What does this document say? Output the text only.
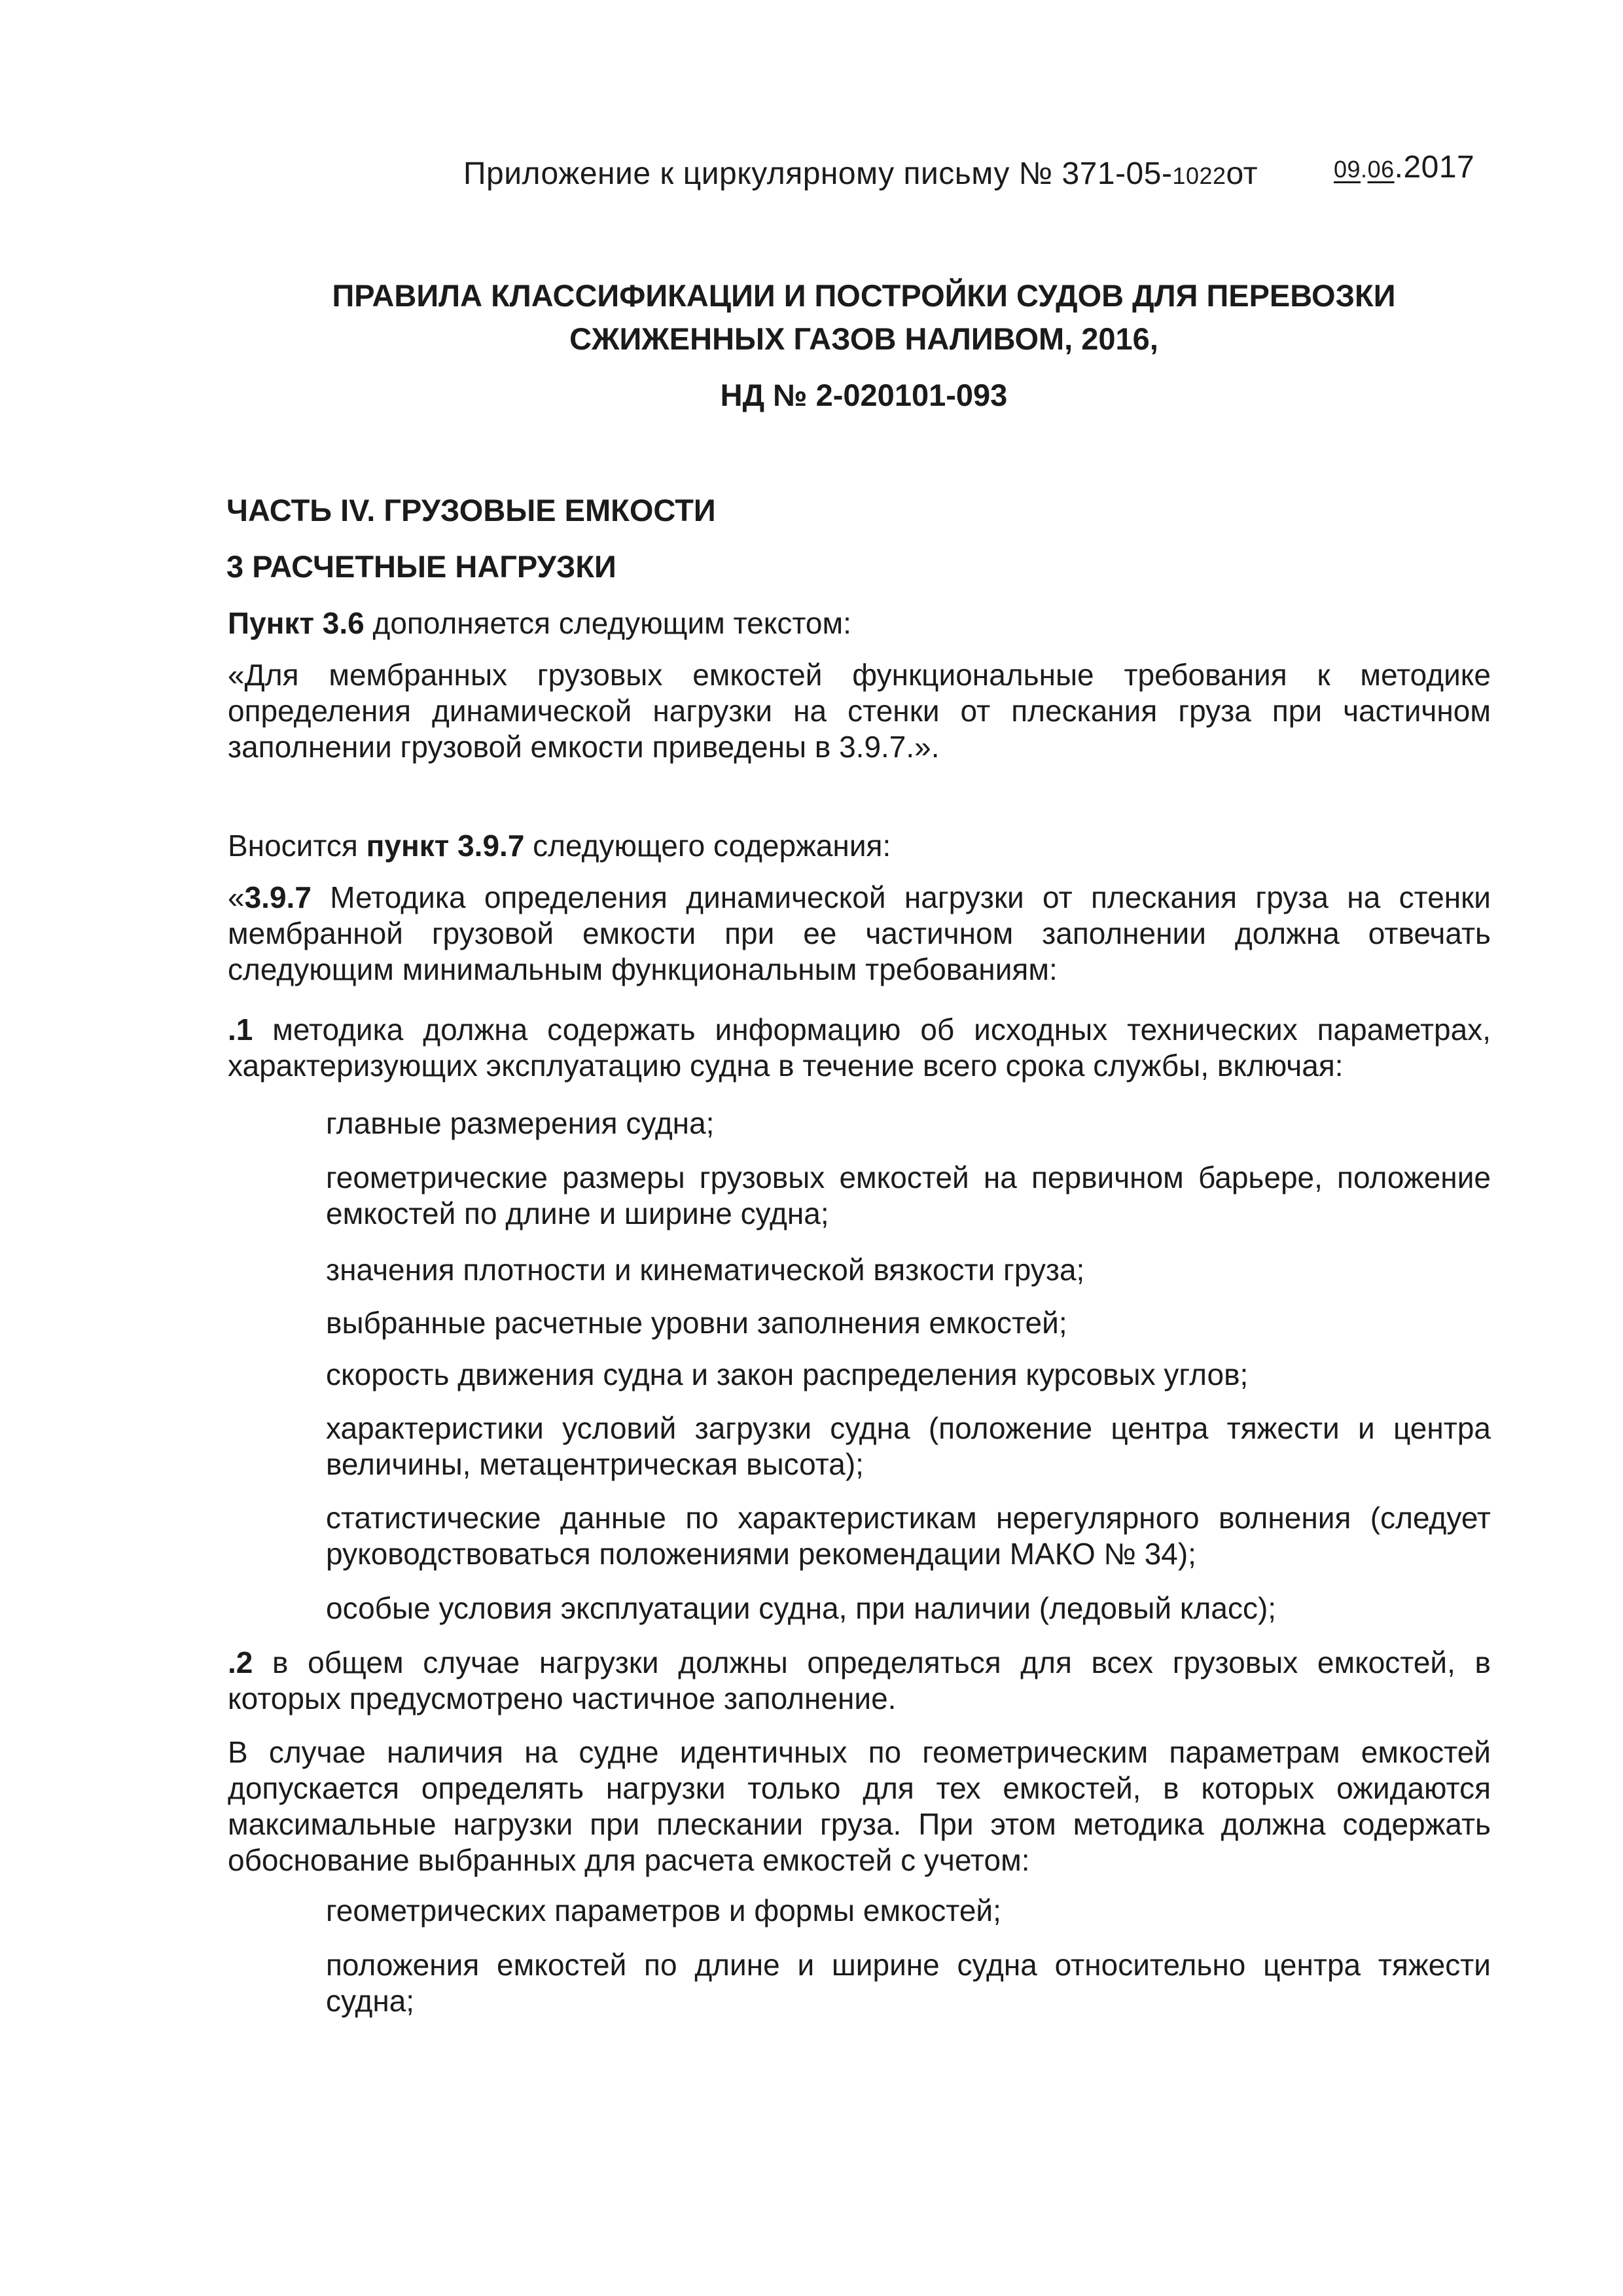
Приложение к циркулярному письму № 371-05-1022от	09.06.2017
ПРАВИЛА КЛАССИФИКАЦИИ И ПОСТРОЙКИ СУДОВ ДЛЯ ПЕРЕВОЗКИ
СЖИЖЕННЫХ ГАЗОВ НАЛИВОМ, 2016,
НД № 2-020101-093
ЧАСТЬ IV. ГРУЗОВЫЕ ЕМКОСТИ
3 РАСЧЕТНЫЕ НАГРУЗКИ
Пункт 3.6 дополняется следующим текстом:
«Для мембранных грузовых емкостей функциональные требования к методике определения динамической нагрузки на стенки от плескания груза при частичном заполнении грузовой емкости приведены в 3.9.7.».
Вносится пункт 3.9.7 следующего содержания:
«3.9.7 Методика определения динамической нагрузки от плескания груза на стенки мембранной грузовой емкости при ее частичном заполнении должна отвечать следующим минимальным функциональным требованиям:
.1 методика должна содержать информацию об исходных технических параметрах, характеризующих эксплуатацию судна в течение всего срока службы, включая:
главные размерения судна;
геометрические размеры грузовых емкостей на первичном барьере, положение емкостей по длине и ширине судна;
значения плотности и кинематической вязкости груза;
выбранные расчетные уровни заполнения емкостей;
скорость движения судна и закон распределения курсовых углов;
характеристики условий загрузки судна (положение центра тяжести и центра величины, метацентрическая высота);
статистические данные по характеристикам нерегулярного волнения (следует руководствоваться положениями рекомендации МАКО № 34);
особые условия эксплуатации судна, при наличии (ледовый класс);
.2 в общем случае нагрузки должны определяться для всех грузовых емкостей, в которых предусмотрено частичное заполнение.
В случае наличия на судне идентичных по геометрическим параметрам емкостей допускается определять нагрузки только для тех емкостей, в которых ожидаются максимальные нагрузки при плескании груза. При этом методика должна содержать обоснование выбранных для расчета емкостей с учетом:
геометрических параметров и формы емкостей;
положения емкостей по длине и ширине судна относительно центра тяжести судна;
